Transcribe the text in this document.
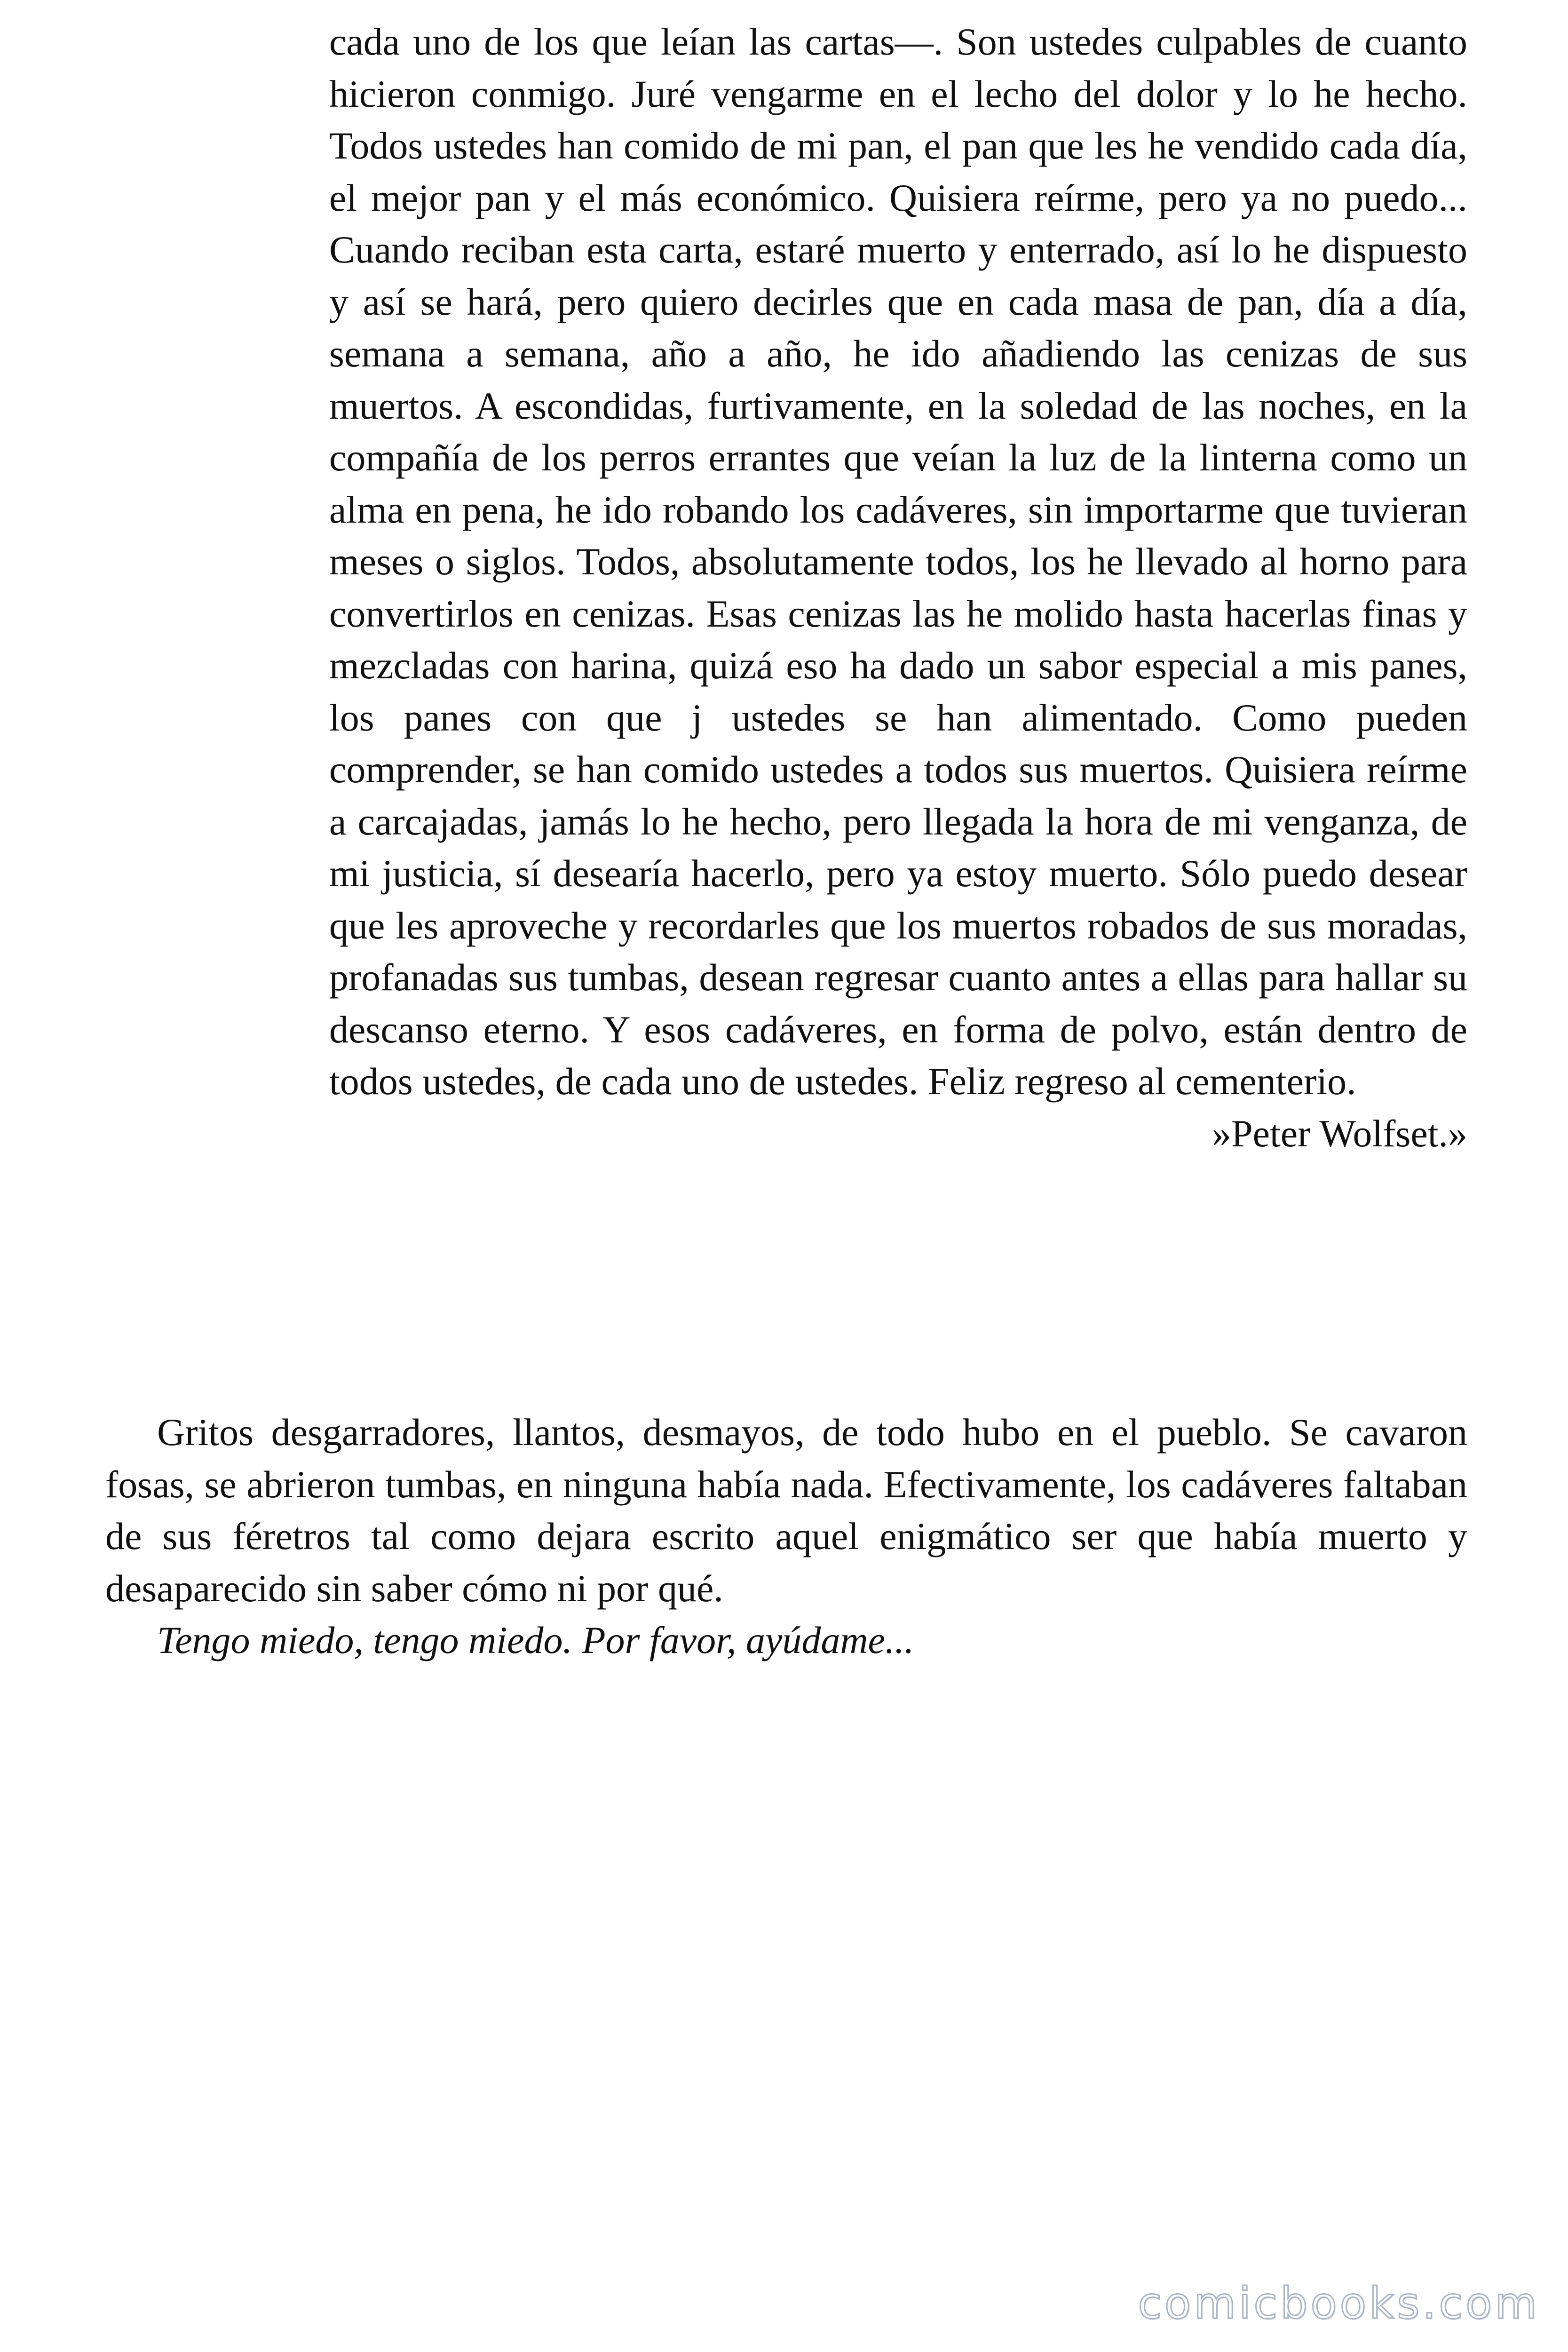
cada uno de los que leían las cartas—. Son ustedes culpables de cuanto hicieron conmigo. Juré vengarme en el lecho del dolor y lo he hecho. Todos ustedes han comido de mi pan, el pan que les he vendido cada día, el mejor pan y el más económico. Quisiera reírme, pero ya no puedo... Cuando reciban esta carta, estaré muerto y enterrado, así lo he dispuesto y así se hará, pero quiero decirles que en cada masa de pan, día a día, semana a semana, año a año, he ido añadiendo las cenizas de sus muertos. A escondidas, furtivamente, en la soledad de las noches, en la compañía de los perros errantes que veían la luz de la linterna como un alma en pena, he ido robando los cadáveres, sin importarme que tuvieran meses o siglos. Todos, absolutamente todos, los he llevado al horno para convertirlos en cenizas. Esas cenizas las he molido hasta hacerlas finas y mezcladas con harina, quizá eso ha dado un sabor especial a mis panes, los panes con que j ustedes se han alimentado. Como pueden comprender, se han comido ustedes a todos sus muertos. Quisiera reírme a carcajadas, jamás lo he hecho, pero llegada la hora de mi venganza, de mi justicia, sí desearía hacerlo, pero ya estoy muerto. Sólo puedo desear que les aproveche y recordarles que los muertos robados de sus moradas, profanadas sus tumbas, desean regresar cuanto antes a ellas para hallar su descanso eterno. Y esos cadáveres, en forma de polvo, están dentro de todos ustedes, de cada uno de ustedes. Feliz regreso al cementerio.

»Peter Wolfset.»

Gritos desgarradores, llantos, desmayos, de todo hubo en el pueblo. Se cavaron fosas, se abrieron tumbas, en ninguna había nada. Efectivamente, los cadáveres faltaban de sus féretros tal como dejara escrito aquel enigmático ser que había muerto y desaparecido sin saber cómo ni por qué.

Tengo miedo, tengo miedo. Por favor, ayúdame...

comicbooks.com
